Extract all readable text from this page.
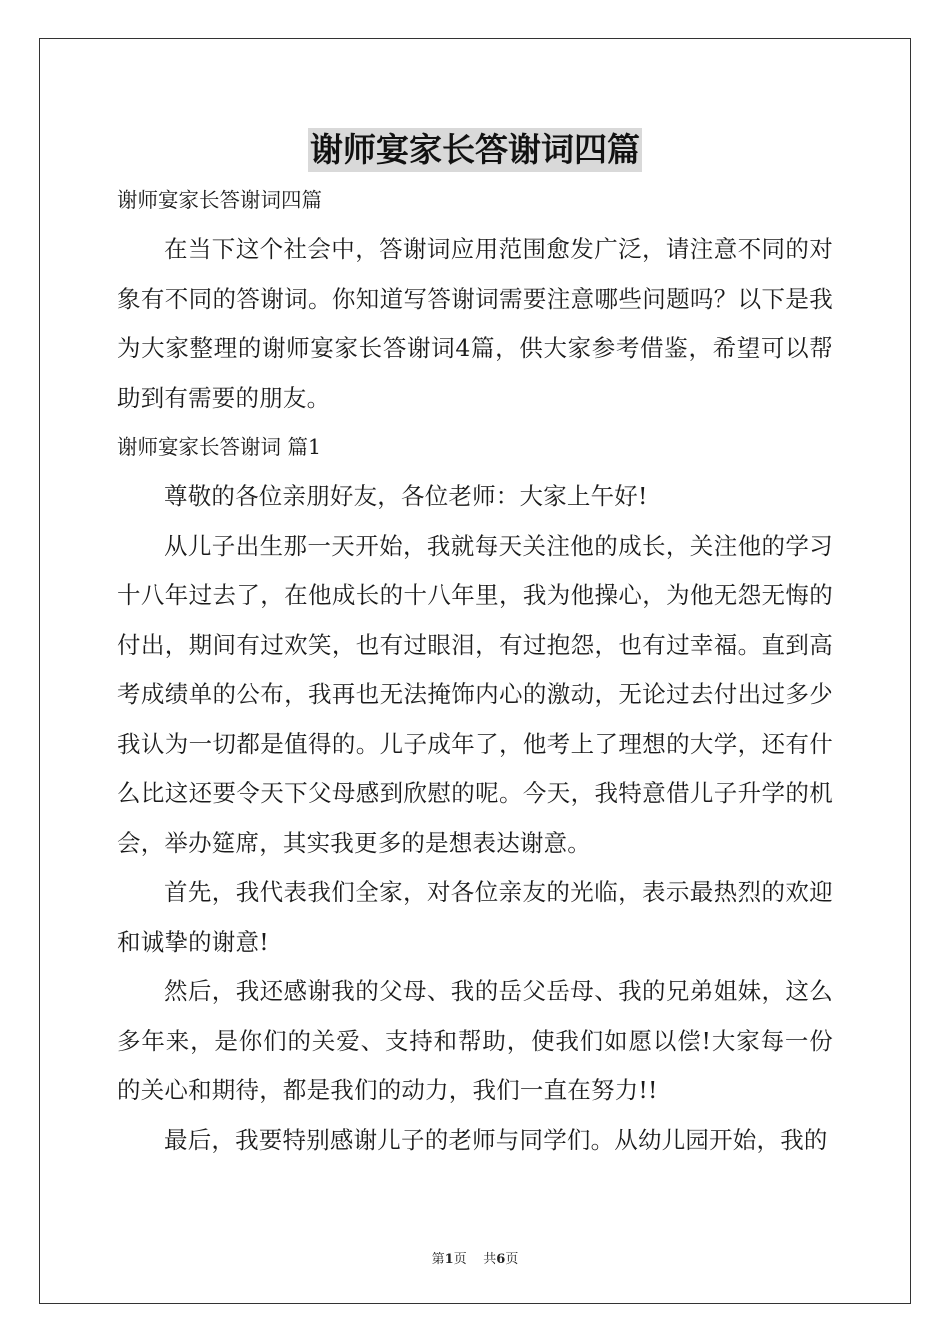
谢师宴家长答谢词四篇

谢师宴家长答谢词四篇

在当下这个社会中，答谢词应用范围愈发广泛，请注意不同的对象有不同的答谢词。你知道写答谢词需要注意哪些问题吗？以下是我为大家整理的谢师宴家长答谢词4篇，供大家参考借鉴，希望可以帮助到有需要的朋友。

谢师宴家长答谢词 篇1

尊敬的各位亲朋好友，各位老师：大家上午好!

从儿子出生那一天开始，我就每天关注他的成长，关注他的学习十八年过去了，在他成长的十八年里，我为他操心，为他无怨无悔的付出，期间有过欢笑，也有过眼泪，有过抱怨，也有过幸福。直到高考成绩单的公布，我再也无法掩饰内心的激动，无论过去付出过多少我认为一切都是值得的。儿子成年了，他考上了理想的大学，还有什么比这还要令天下父母感到欣慰的呢。今天，我特意借儿子升学的机会，举办筵席，其实我更多的是想表达谢意。

首先，我代表我们全家，对各位亲友的光临，表示最热烈的欢迎和诚挚的谢意!

然后，我还感谢我的父母、我的岳父岳母、我的兄弟姐妹，这么多年来，是你们的关爱、支持和帮助，使我们如愿以偿!大家每一份的关心和期待，都是我们的动力，我们一直在努力!!

最后，我要特别感谢儿子的老师与同学们。从幼儿园开始，我的

第1页 共6页
